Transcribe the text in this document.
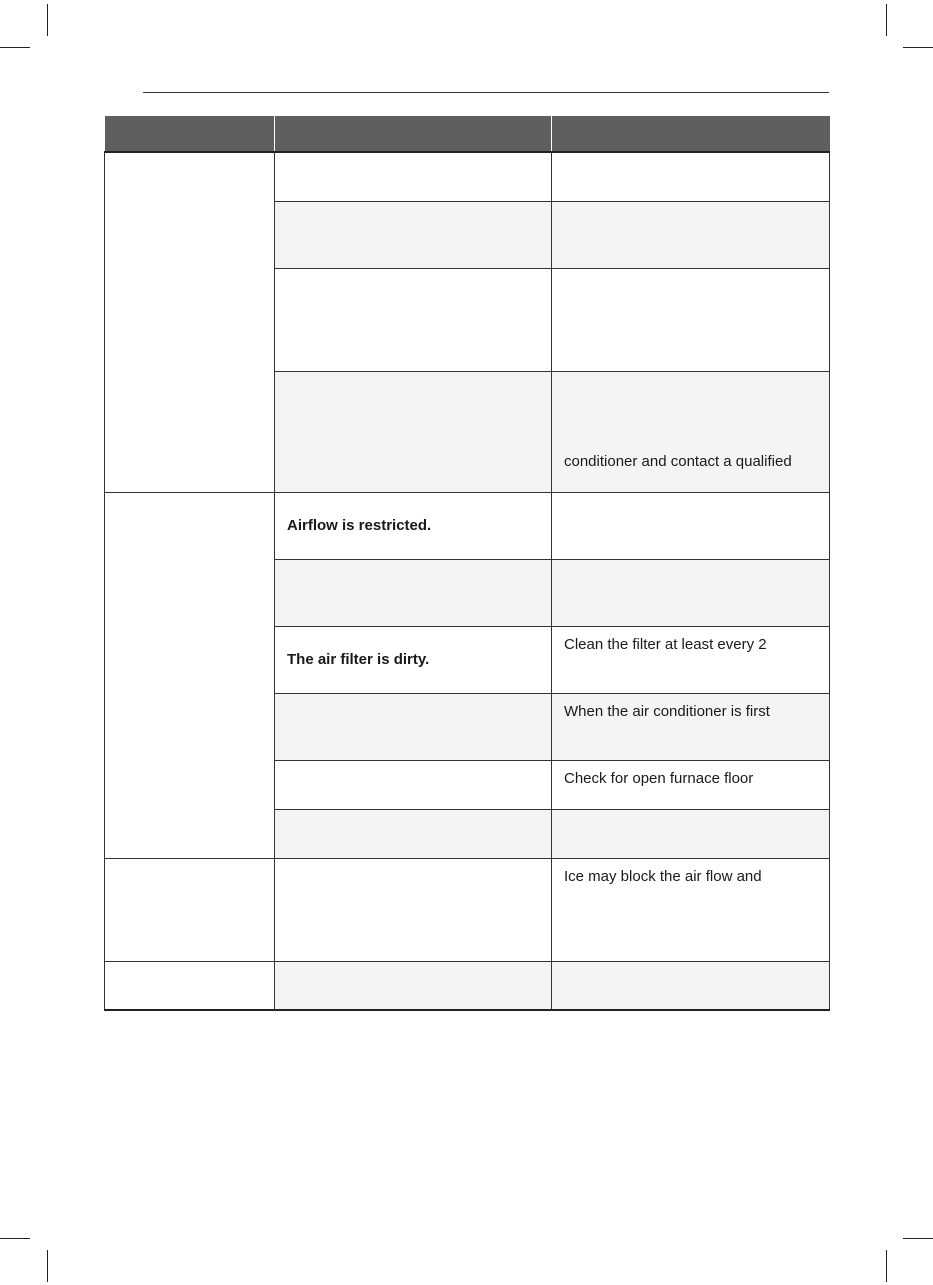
		conditioner and contact a qualified
	Airflow is restricted.	

	The air filter is dirty.	Clean the filter at least every 2
		When the air conditioner is first
		Check for open furnace floor

		Ice may block the air flow and
